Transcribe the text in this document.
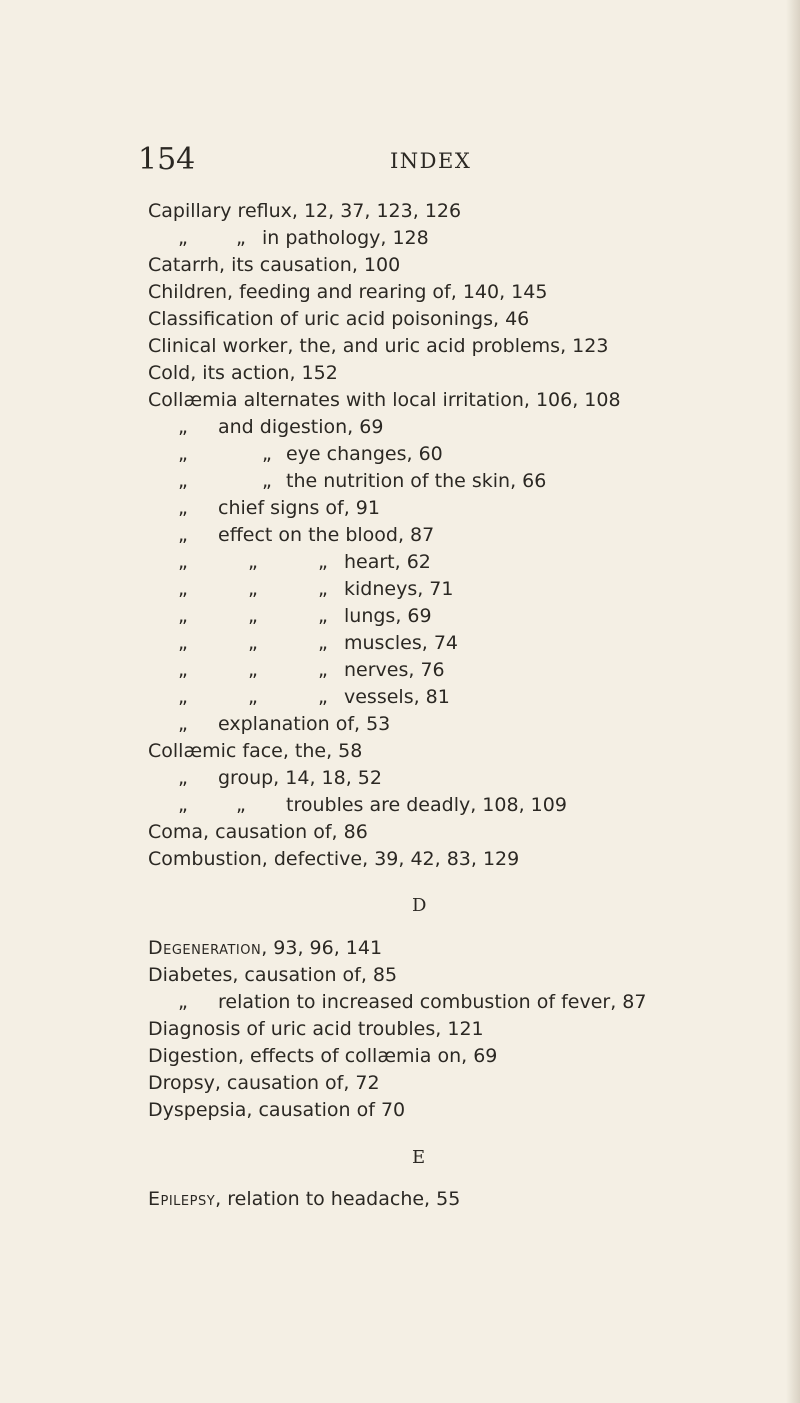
154	INDEX
Capillary reflux, 12, 37, 123, 126
„	„ in pathology, 128
Catarrh, its causation, 100
Children, feeding and rearing of, 140, 145
Classification of uric acid poisonings, 46
Clinical worker, the, and uric acid problems, 123
Cold, its action, 152
Collæmia alternates with local irritation, 106, 108
„ and digestion, 69
„	„ eye changes, 60
„	„ the nutrition of the skin, 66
„ chief signs of, 91
„ effect on the blood, 87
„	„	„ heart, 62
„	„	„ kidneys, 71
„	„	„ lungs, 69
„	„	„ muscles, 74
„	„	„ nerves, 76
„	„	„ vessels, 81
„ explanation of, 53
Collæmic face, the, 58
„ group, 14, 18, 52
„	„ troubles are deadly, 108, 109
Coma, causation of, 86
Combustion, defective, 39, 42, 83, 129
D
Degeneration, 93, 96, 141
Diabetes, causation of, 85
„ relation to increased combustion of fever, 87
Diagnosis of uric acid troubles, 121
Digestion, effects of collæmia on, 69
Dropsy, causation of, 72
Dyspepsia, causation of 70
E
Epilepsy, relation to headache, 55
